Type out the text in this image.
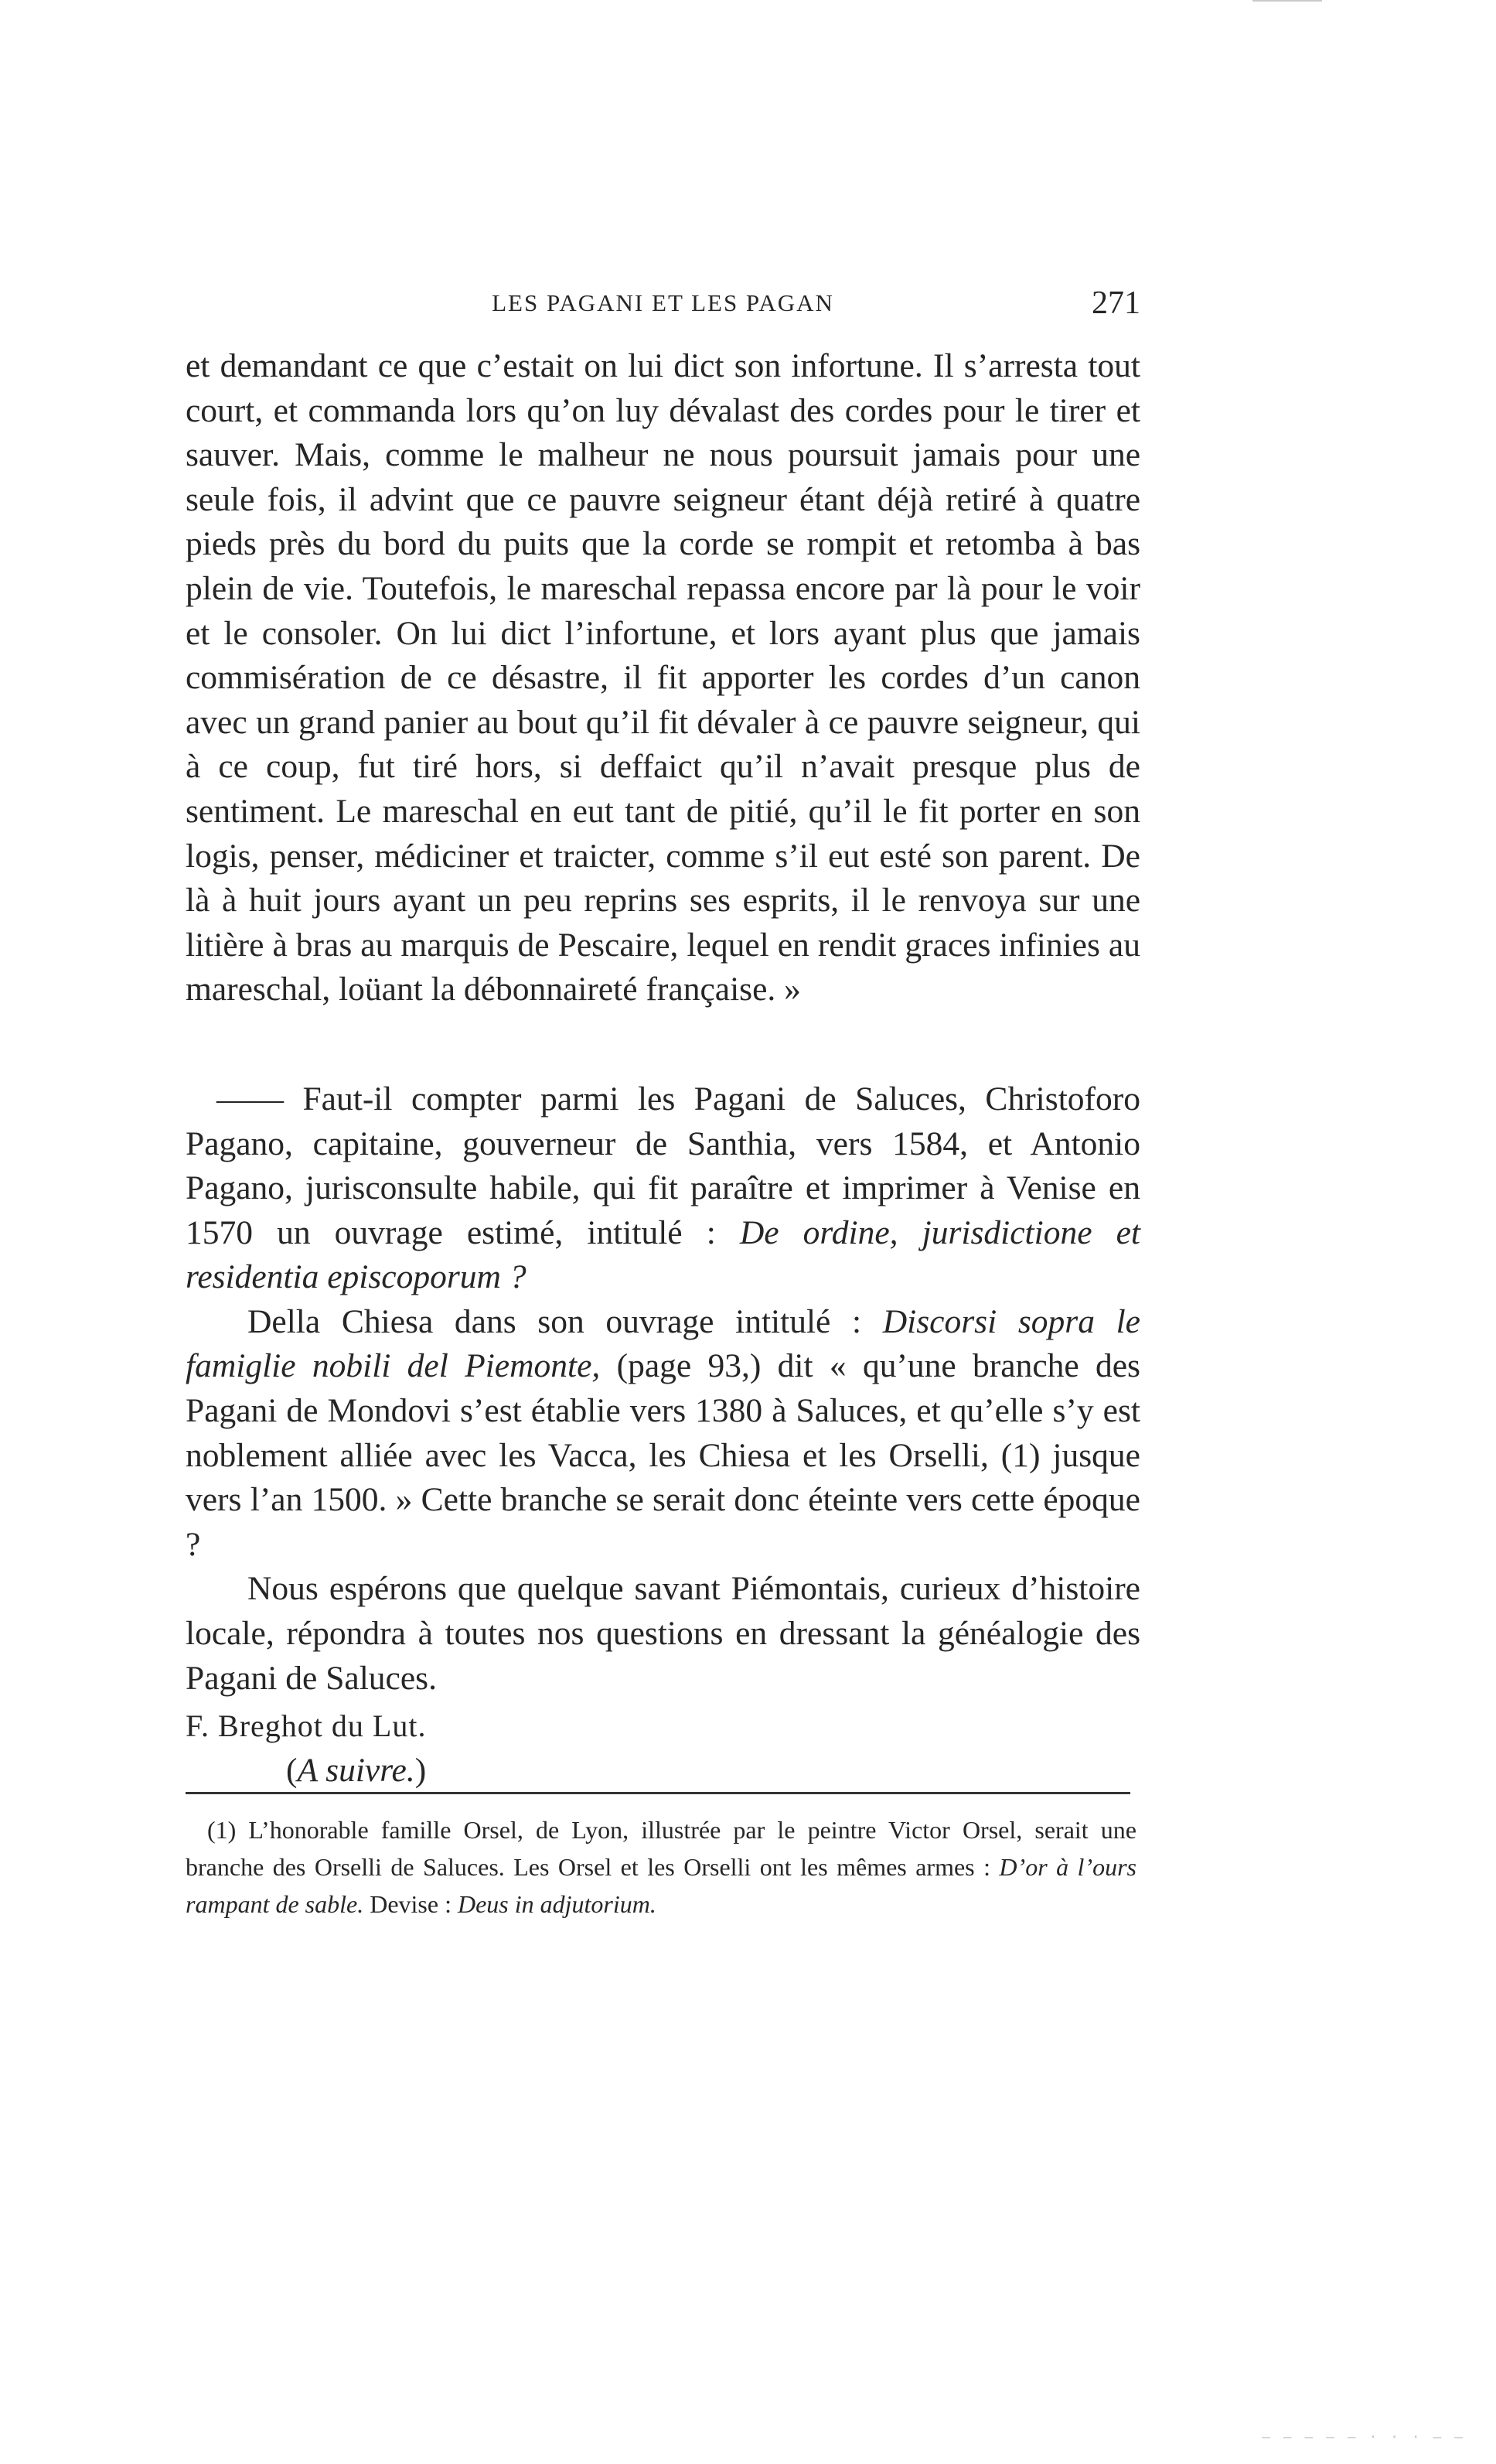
LES PAGANI ET LES PAGAN	271

et demandant ce que c’estait on lui dict son infortune. Il s’arresta tout court, et commanda lors qu’on luy dévalast des cordes pour le tirer et sauver. Mais, comme le malheur ne nous poursuit jamais pour une seule fois, il advint que ce pauvre seigneur étant déjà retiré à quatre pieds près du bord du puits que la corde se rompit et retomba à bas plein de vie. Toutefois, le mareschal repassa encore par là pour le voir et le consoler. On lui dict l’infortune, et lors ayant plus que jamais commisération de ce désastre, il fit apporter les cordes d’un canon avec un grand panier au bout qu’il fit dévaler à ce pauvre seigneur, qui à ce coup, fut tiré hors, si deffaict qu’il n’avait presque plus de sentiment. Le mareschal en eut tant de pitié, qu’il le fit porter en son logis, penser, médiciner et traicter, comme s’il eut esté son parent. De là à huit jours ayant un peu reprins ses esprits, il le renvoya sur une litière à bras au marquis de Pescaire, lequel en rendit graces infinies au mareschal, loüant la débonnaireté française. »

—— Faut-il compter parmi les Pagani de Saluces, Christoforo Pagano, capitaine, gouverneur de Santhia, vers 1584, et Antonio Pagano, jurisconsulte habile, qui fit paraître et imprimer à Venise en 1570 un ouvrage estimé, intitulé : De ordine, jurisdictione et residentia episcoporum ?

Della Chiesa dans son ouvrage intitulé : Discorsi sopra le famiglie nobili del Piemonte, (page 93,) dit « qu’une branche des Pagani de Mondovi s’est établie vers 1380 à Saluces, et qu’elle s’y est noblement alliée avec les Vacca, les Chiesa et les Orselli, (1) jusque vers l’an 1500. » Cette branche se serait donc éteinte vers cette époque ?

Nous espérons que quelque savant Piémontais, curieux d’histoire locale, répondra à toutes nos questions en dressant la généalogie des Pagani de Saluces.

F. Breghot du Lut.

(A suivre.)

(1) L’honorable famille Orsel, de Lyon, illustrée par le peintre Victor Orsel, serait une branche des Orselli de Saluces. Les Orsel et les Orselli ont les mêmes armes : D’or à l’ours rampant de sable. Devise : Deus in adjutorium.

— — — — — · · · — —
